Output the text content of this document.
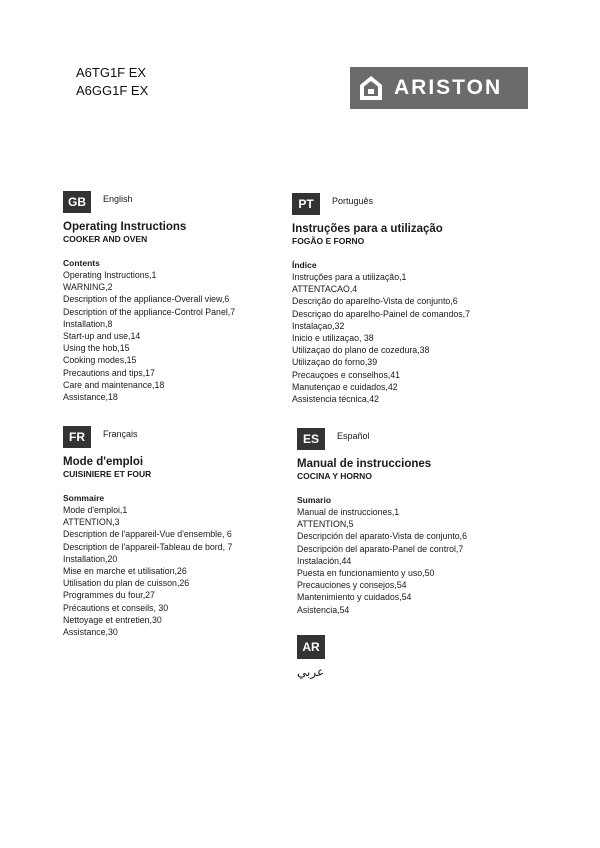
A6TG1F EX
A6GG1F EX	ARISTON
GB	English
Operating Instructions
COOKER AND OVEN
Contents
Operating Instructions,1
WARNING,2
Description of the appliance-Overall view,6
Description of the appliance-Control Panel,7
Installation,8
Start-up and use,14
Using the hob,15
Cooking modes,15
Precautions and tips,17
Care and maintenance,18
Assistance,18
PT	Português
Instruções para a utilização
FOGÃO E FORNO
Índice
Instruções para a utilização,1
ATTENTACAO,4
Descrição do aparelho-Vista de conjunto,6
Descriçao do aparelho-Painel de comandos,7
Instalaçao,32
Inicio e utilizaçao, 38
Utilizaçao do plano de cozedura,38
Utilizaçao do forno,39
Precauçoes e conselhos,41
Manutençao e cuidados,42
Assistencia técnica,42
FR	Français
Mode d'emploi
CUISINIERE ET FOUR
Sommaire
Mode d'emploi,1
ATTENTION,3
Description de l'appareil-Vue d'ensemble, 6
Description de l'appareil-Tableau de bord, 7
Installation,20
Mise en marche et utilisation,26
Utilisation du plan de cuisson,26
Programmes du four,27
Précautions et conseils, 30
Nettoyage et entretien,30
Assistance,30
ES	Español
Manual de instrucciones
COCINA Y HORNO
Sumario
Manual de instrucciones,1
ATTENTION,5
Descripción del aparato-Vista de conjunto,6
Descripción del aparato-Panel de control,7
Instalación,44
Puesta en funcionamiento y uso,50
Precauciones y consejos,54
Mantenimiento y cuidados,54
Asistencia,54
AR
عربي
